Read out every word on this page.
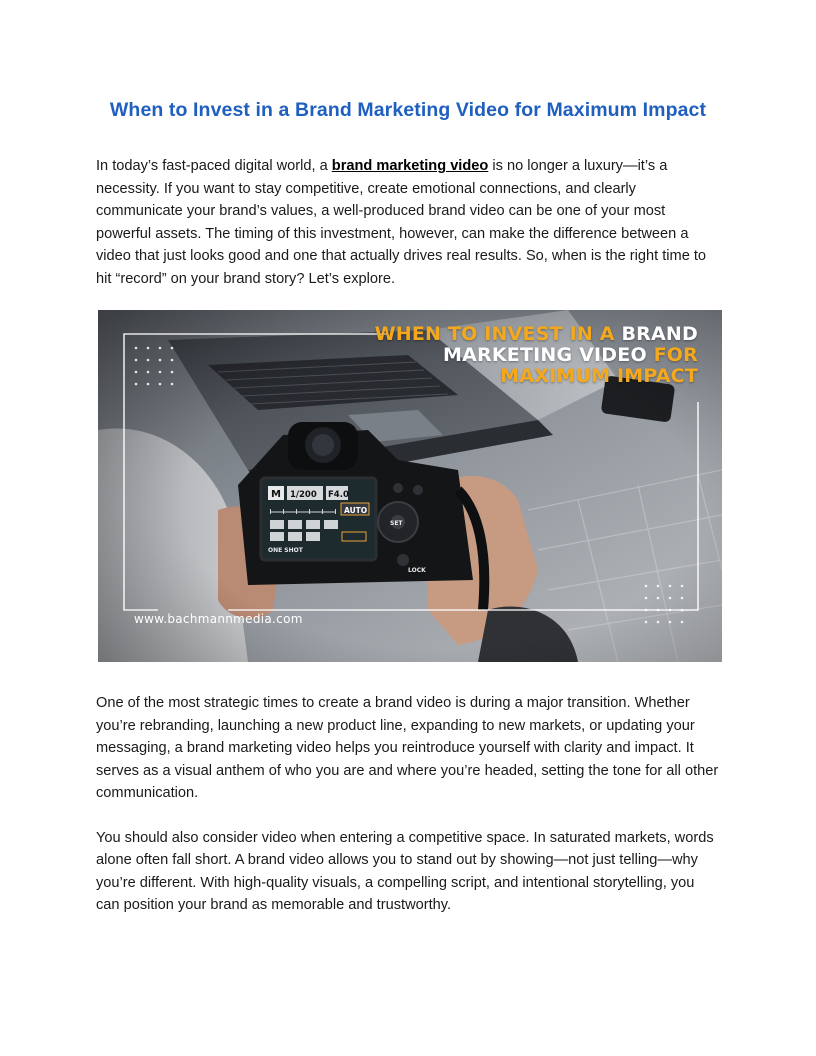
When to Invest in a Brand Marketing Video for Maximum Impact

In today’s fast-paced digital world, a brand marketing video is no longer a luxury—it’s a necessity. If you want to stay competitive, create emotional connections, and clearly communicate your brand’s values, a well-produced brand video can be one of your most powerful assets. The timing of this investment, however, can make the difference between a video that just looks good and one that actually drives real results. So, when is the right time to hit “record” on your brand story? Let’s explore.

WHEN TO INVEST IN A BRAND
MARKETING VIDEO FOR
MAXIMUM IMPACT
www.bachmannmedia.com

One of the most strategic times to create a brand video is during a major transition. Whether you’re rebranding, launching a new product line, expanding to new markets, or updating your messaging, a brand marketing video helps you reintroduce yourself with clarity and impact. It serves as a visual anthem of who you are and where you’re headed, setting the tone for all other communication.

You should also consider video when entering a competitive space. In saturated markets, words alone often fall short. A brand video allows you to stand out by showing—not just telling—why you’re different. With high-quality visuals, a compelling script, and intentional storytelling, you can position your brand as memorable and trustworthy.
